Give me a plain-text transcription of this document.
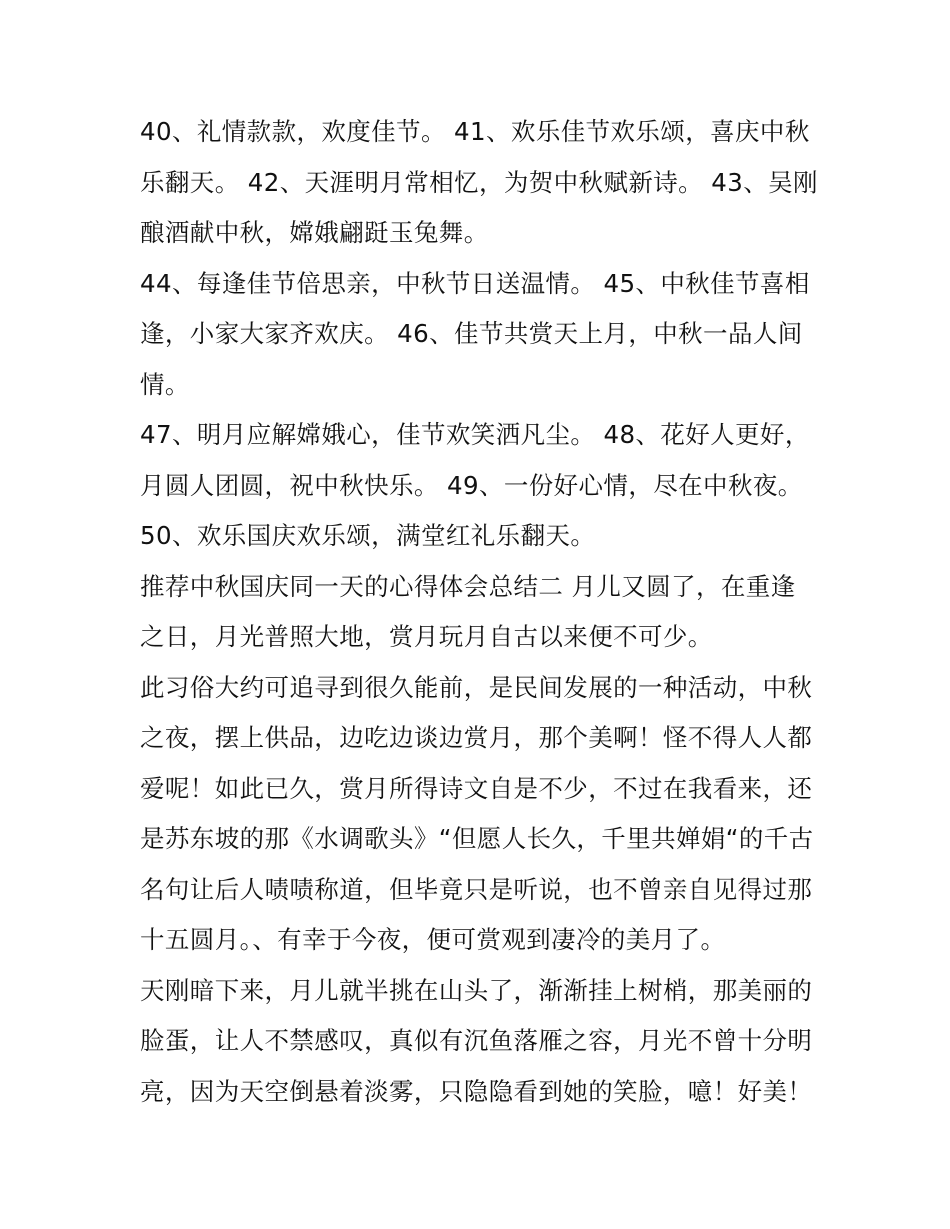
40、礼情款款，欢度佳节。 41、欢乐佳节欢乐颂，喜庆中秋
乐翻天。 42、天涯明月常相忆，为贺中秋赋新诗。 43、吴刚
酿酒献中秋，嫦娥翩跹玉兔舞。

44、每逢佳节倍思亲，中秋节日送温情。 45、中秋佳节喜相
逢，小家大家齐欢庆。 46、佳节共赏天上月，中秋一品人间
情。

47、明月应解嫦娥心，佳节欢笑洒凡尘。 48、花好人更好，
月圆人团圆，祝中秋快乐。 49、一份好心情，尽在中秋夜。
50、欢乐国庆欢乐颂，满堂红礼乐翻天。

推荐中秋国庆同一天的心得体会总结二 月儿又圆了，在重逢
之日，月光普照大地，赏月玩月自古以来便不可少。

此习俗大约可追寻到很久能前，是民间发展的一种活动，中秋
之夜，摆上供品，边吃边谈边赏月，那个美啊！怪不得人人都
爱呢！如此已久，赏月所得诗文自是不少，不过在我看来，还
是苏东坡的那《水调歌头》“但愿人长久，千里共婵娟“的千古
名句让后人啧啧称道，但毕竟只是听说，也不曾亲自见得过那
十五圆月。、有幸于今夜，便可赏观到凄冷的美月了。

天刚暗下来，月儿就半挑在山头了，渐渐挂上树梢，那美丽的
脸蛋，让人不禁感叹，真似有沉鱼落雁之容，月光不曾十分明
亮，因为天空倒悬着淡雾，只隐隐看到她的笑脸，噫！好美！
